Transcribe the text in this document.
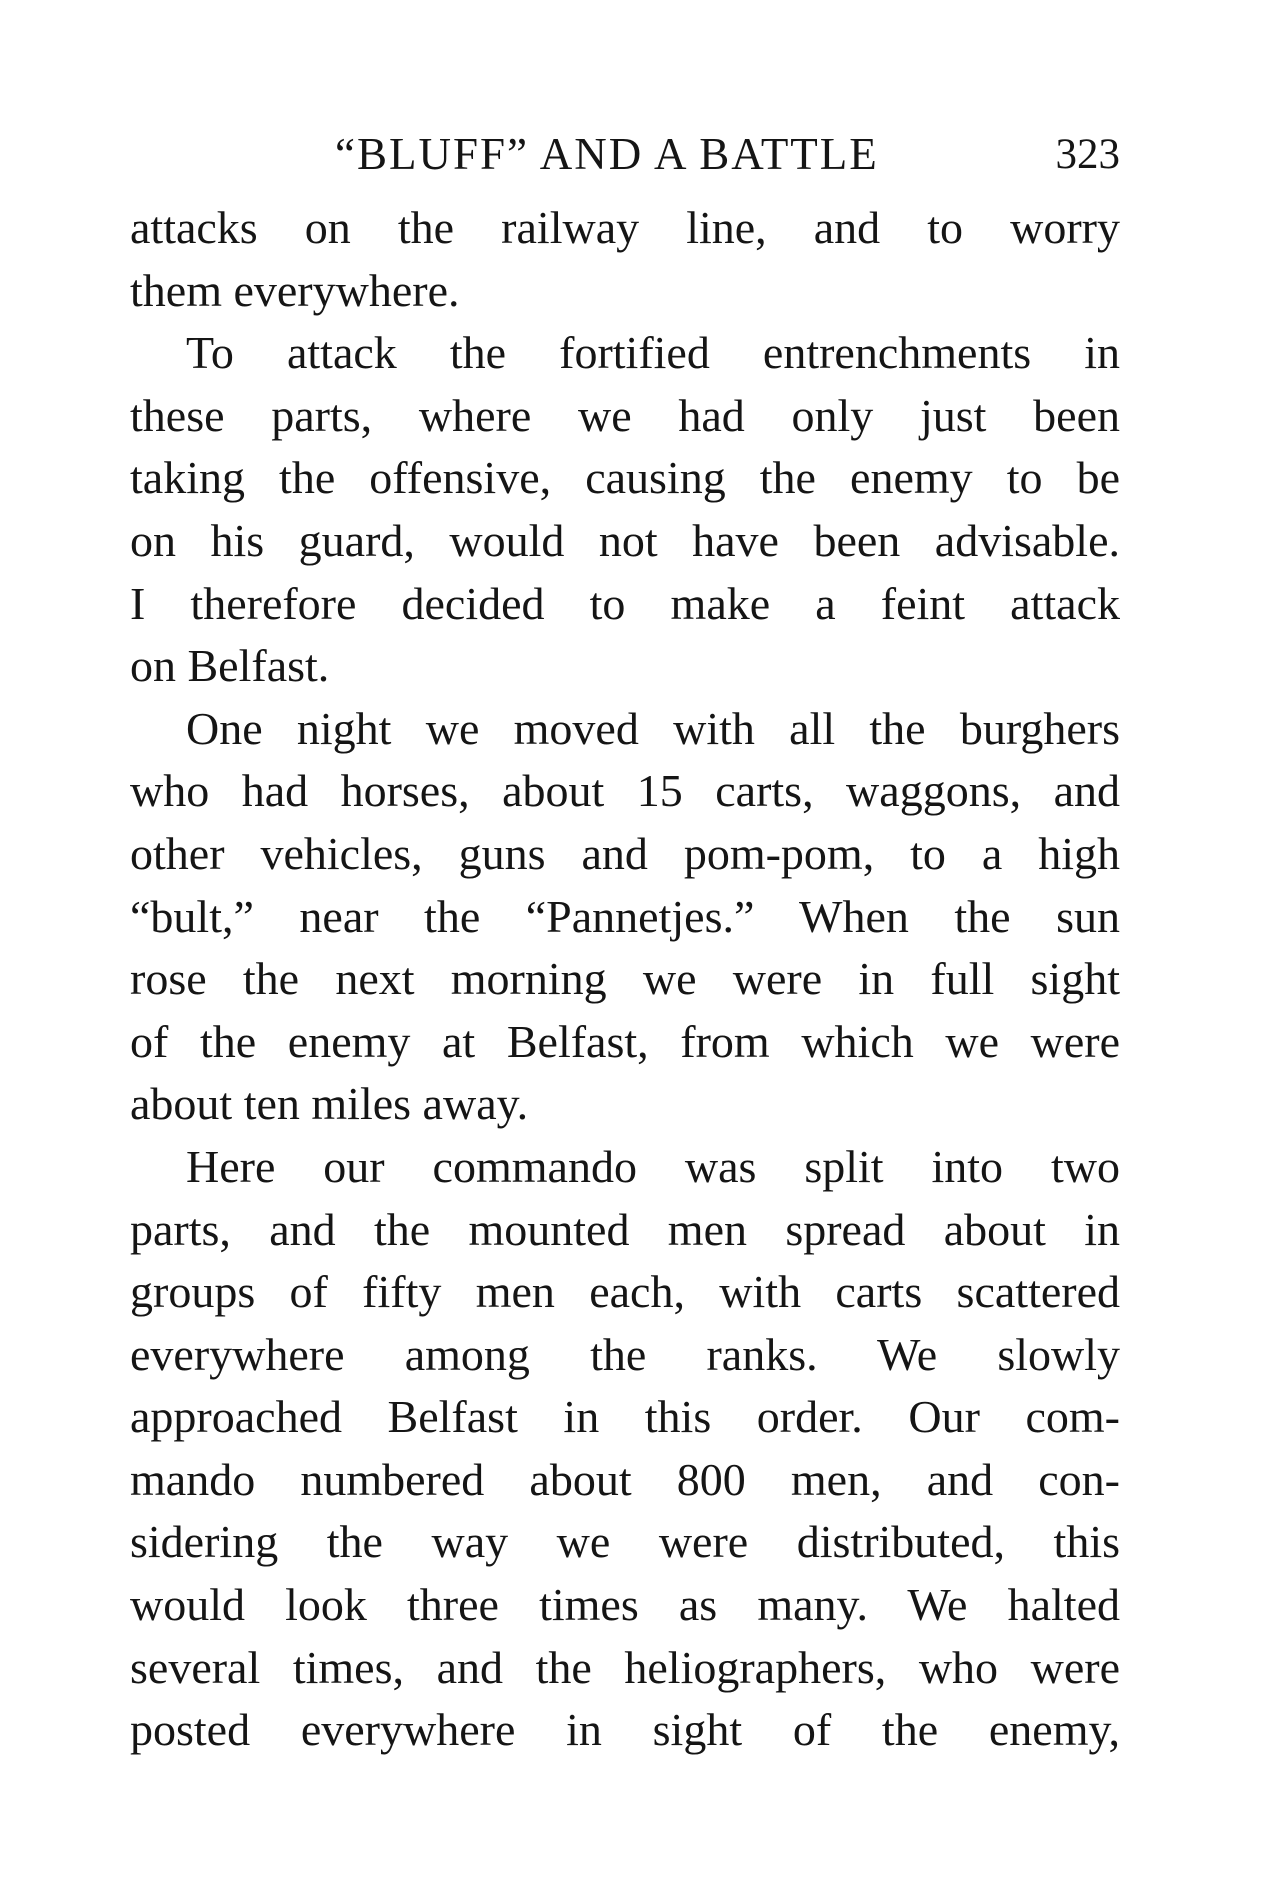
“BLUFF” AND A BATTLE	323
attacks on the railway line, and to worry
them everywhere.
To attack the fortified entrenchments in
these parts, where we had only just been
taking the offensive, causing the enemy to be
on his guard, would not have been advisable.
I therefore decided to make a feint attack
on Belfast.
One night we moved with all the burghers
who had horses, about 15 carts, waggons, and
other vehicles, guns and pom-pom, to a high
“bult,” near the “Pannetjes.” When the sun
rose the next morning we were in full sight
of the enemy at Belfast, from which we were
about ten miles away.
Here our commando was split into two
parts, and the mounted men spread about in
groups of fifty men each, with carts scattered
everywhere among the ranks. We slowly
approached Belfast in this order. Our com-
mando numbered about 800 men, and con-
sidering the way we were distributed, this
would look three times as many. We halted
several times, and the heliographers, who were
posted everywhere in sight of the enemy,
